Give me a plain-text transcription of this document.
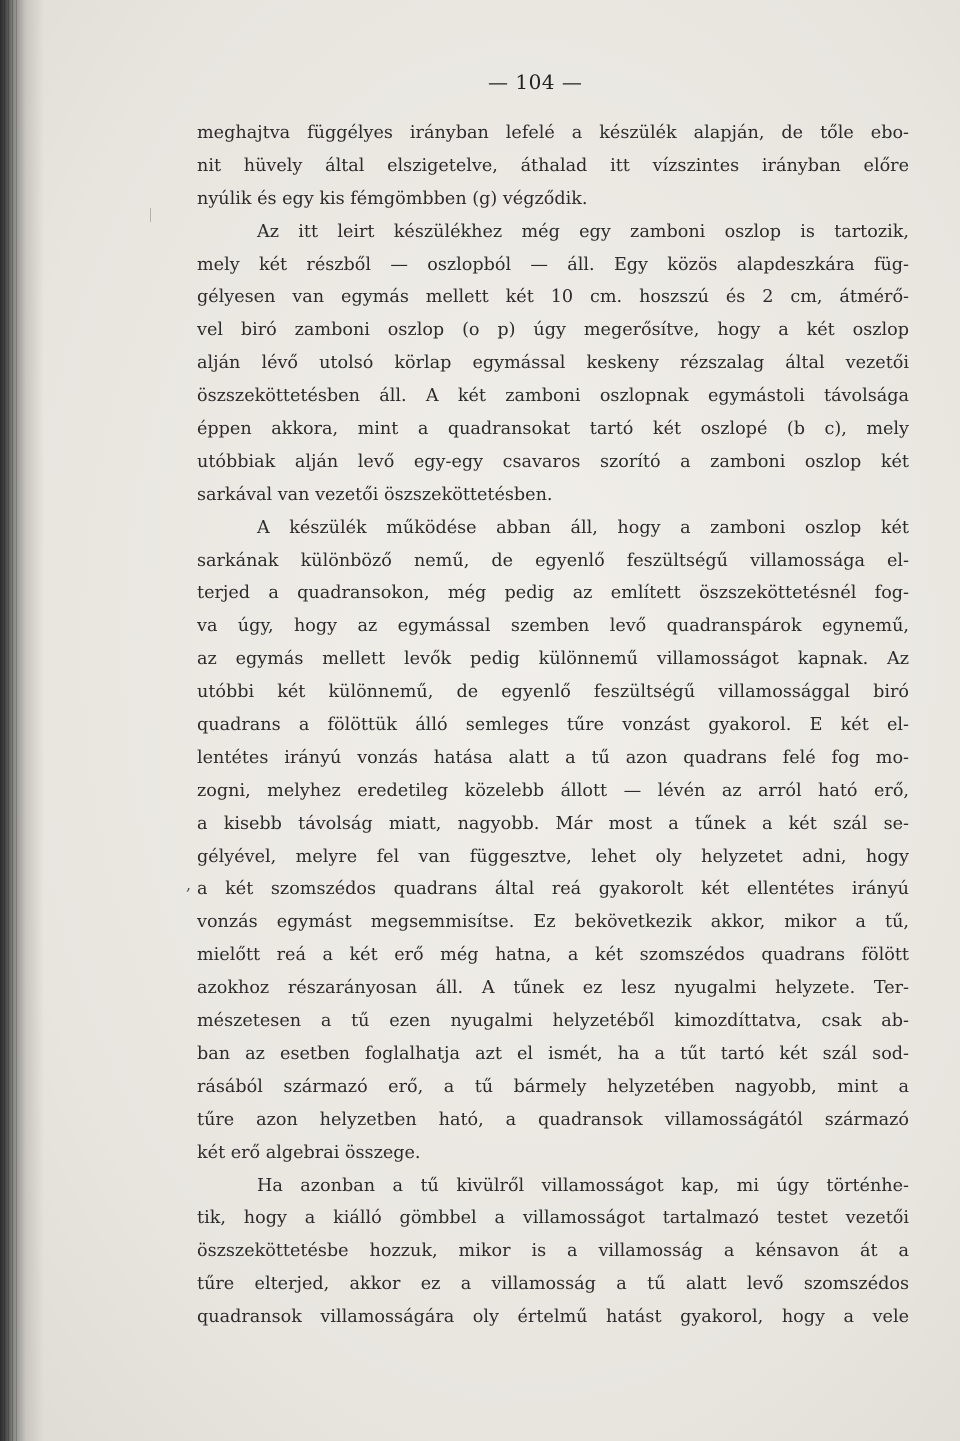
— 104 —
meghajtva függélyes irányban lefelé a készülék alapján, de tőle ebo-
nit hüvely által elszigetelve, áthalad itt vízszintes irányban előre
nyúlik és egy kis fémgömbben (g) végződik.
Az itt leirt készülékhez még egy zamboni oszlop is tartozik,
mely két részből — oszlopból — áll. Egy közös alapdeszkára füg-
gélyesen van egymás mellett két 10 cm. hoszszú és 2 cm, átmérő-
vel biró zamboni oszlop (o p) úgy megerősítve, hogy a két oszlop
alján lévő utolsó körlap egymással keskeny rézszalag által vezetői
öszszeköttetésben áll. A két zamboni oszlopnak egymástoli távolsága
éppen akkora, mint a quadransokat tartó két oszlopé (b c), mely
utóbbiak alján levő egy-egy csavaros szorító a zamboni oszlop két
sarkával van vezetői öszszeköttetésben.
A készülék működése abban áll, hogy a zamboni oszlop két
sarkának különböző nemű, de egyenlő feszültségű villamossága el-
terjed a quadransokon, még pedig az említett öszszeköttetésnél fog-
va úgy, hogy az egymással szemben levő quadranspárok egynemű,
az egymás mellett levők pedig különnemű villamosságot kapnak. Az
utóbbi két különnemű, de egyenlő feszültségű villamossággal biró
quadrans a fölöttük álló semleges tűre vonzást gyakorol. E két el-
lentétes irányú vonzás hatása alatt a tű azon quadrans felé fog mo-
zogni, melyhez eredetileg közelebb állott — lévén az arról ható erő,
a kisebb távolság miatt, nagyobb. Már most a tűnek a két szál se-
gélyével, melyre fel van függesztve, lehet oly helyzetet adni, hogy
a két szomszédos quadrans által reá gyakorolt két ellentétes irányú
vonzás egymást megsemmisítse. Ez bekövetkezik akkor, mikor a tű,
mielőtt reá a két erő még hatna, a két szomszédos quadrans fölött
azokhoz részarányosan áll. A tűnek ez lesz nyugalmi helyzete. Ter-
mészetesen a tű ezen nyugalmi helyzetéből kimozdíttatva, csak ab-
ban az esetben foglalhatja azt el ismét, ha a tűt tartó két szál sod-
rásából származó erő, a tű bármely helyzetében nagyobb, mint a
tűre azon helyzetben ható, a quadransok villamosságától származó
két erő algebrai összege.
Ha azonban a tű kivülről villamosságot kap, mi úgy történhe-
tik, hogy a kiálló gömbbel a villamosságot tartalmazó testet vezetői
öszszeköttetésbe hozzuk, mikor is a villamosság a kénsavon át a
tűre elterjed, akkor ez a villamosság a tű alatt levő szomszédos
quadransok villamosságára oly értelmű hatást gyakorol, hogy a vele
,
